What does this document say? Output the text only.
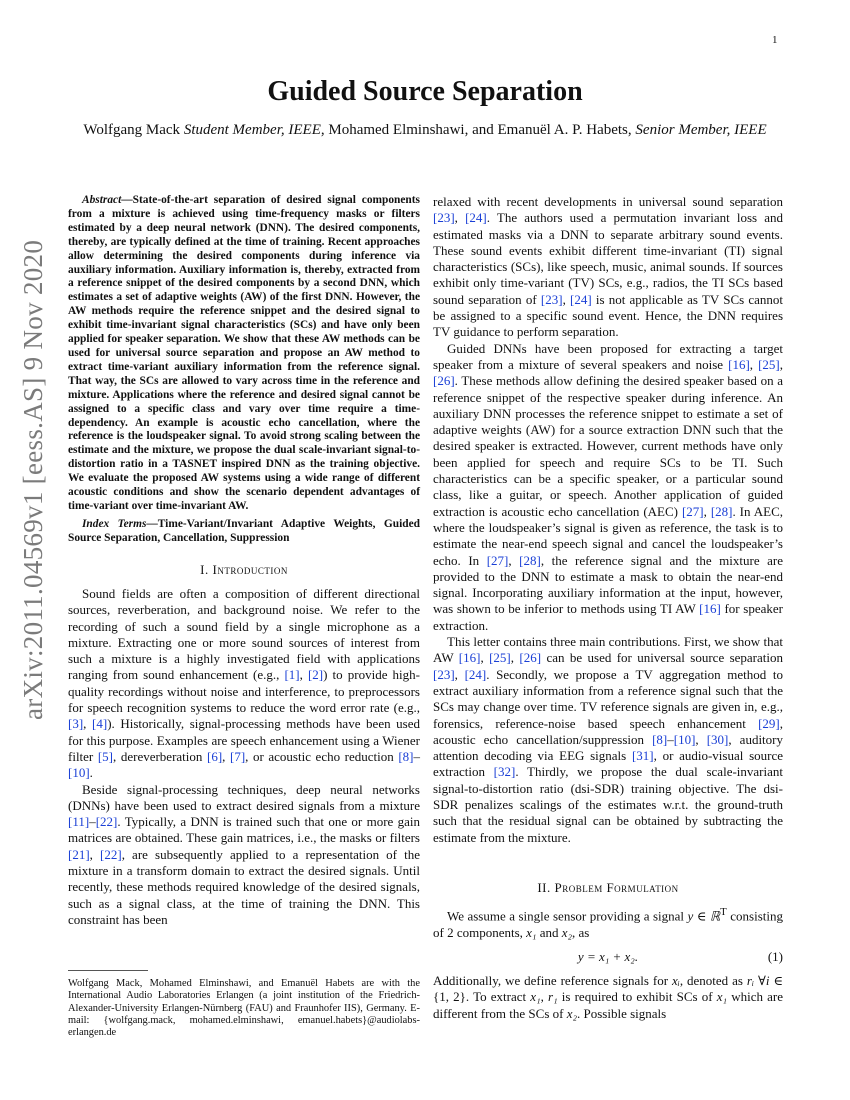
1
arXiv:2011.04569v1 [eess.AS] 9 Nov 2020
Guided Source Separation
Wolfgang Mack Student Member, IEEE, Mohamed Elminshawi, and Emanuël A. P. Habets, Senior Member, IEEE

Abstract—State-of-the-art separation of desired signal components from a mixture is achieved using time-frequency masks or filters estimated by a deep neural network (DNN). The desired components, thereby, are typically defined at the time of training. Recent approaches allow determining the desired components during inference via auxiliary information. Auxiliary information is, thereby, extracted from a reference snippet of the desired components by a second DNN, which estimates a set of adaptive weights (AW) of the first DNN. However, the AW methods require the reference snippet and the desired signal to exhibit time-invariant signal characteristics (SCs) and have only been applied for speaker separation. We show that these AW methods can be used for universal source separation and propose an AW method to extract time-variant auxiliary information from the reference signal. That way, the SCs are allowed to vary across time in the reference and mixture. Applications where the reference and desired signal cannot be assigned to a specific class and vary over time require a time-dependency. An example is acoustic echo cancellation, where the reference is the loudspeaker signal. To avoid strong scaling between the estimate and the mixture, we propose the dual scale-invariant signal-to-distortion ratio in a TASNET inspired DNN as the training objective. We evaluate the proposed AW systems using a wide range of different acoustic conditions and show the scenario dependent advantages of time-variant over time-invariant AW.

Index Terms—Time-Variant/Invariant Adaptive Weights, Guided Source Separation, Cancellation, Suppression

I. Introduction

Sound fields are often a composition of different directional sources, reverberation, and background noise. We refer to the recording of such a sound field by a single microphone as a mixture. Extracting one or more sound sources of interest from such a mixture is a highly investigated field with applications ranging from sound enhancement (e.g., [1], [2]) to provide high-quality recordings without noise and interference, to preprocessors for speech recognition systems to reduce the word error rate (e.g., [3], [4]). Historically, signal-processing methods have been used for this purpose. Examples are speech enhancement using a Wiener filter [5], dereverberation [6], [7], or acoustic echo reduction [8]–[10].

Beside signal-processing techniques, deep neural networks (DNNs) have been used to extract desired signals from a mixture [11]–[22]. Typically, a DNN is trained such that one or more gain matrices are obtained. These gain matrices, i.e., the masks or filters [21], [22], are subsequently applied to a representation of the mixture in a transform domain to extract the desired signals. Until recently, these methods required knowledge of the desired signals, such as a signal class, at the time of training the DNN. This constraint has been

Wolfgang Mack, Mohamed Elminshawi, and Emanuël Habets are with the International Audio Laboratories Erlangen (a joint institution of the Friedrich-Alexander-University Erlangen-Nürnberg (FAU) and Fraunhofer IIS), Germany. E-mail: {wolfgang.mack, mohamed.elminshawi, emanuel.habets}@audiolabs-erlangen.de

relaxed with recent developments in universal sound separation [23], [24]. The authors used a permutation invariant loss and estimated masks via a DNN to separate arbitrary sound events. These sound events exhibit different time-invariant (TI) signal characteristics (SCs), like speech, music, animal sounds. If sources exhibit only time-variant (TV) SCs, e.g., radios, the TI SCs based sound separation of [23], [24] is not applicable as TV SCs cannot be assigned to a specific sound event. Hence, the DNN requires TV guidance to perform separation.

Guided DNNs have been proposed for extracting a target speaker from a mixture of several speakers and noise [16], [25], [26]. These methods allow defining the desired speaker based on a reference snippet of the respective speaker during inference. An auxiliary DNN processes the reference snippet to estimate a set of adaptive weights (AW) for a source extraction DNN such that the desired speaker is extracted. However, current methods have only been applied for speech and require SCs to be TI. Such characteristics can be a specific speaker, or a particular sound class, like a guitar, or speech. Another application of guided extraction is acoustic echo cancellation (AEC) [27], [28]. In AEC, where the loudspeaker’s signal is given as reference, the task is to estimate the near-end speech signal and cancel the loudspeaker’s echo. In [27], [28], the reference signal and the mixture are provided to the DNN to estimate a mask to obtain the near-end signal. Incorporating auxiliary information at the input, however, was shown to be inferior to methods using TI AW [16] for speaker extraction.

This letter contains three main contributions. First, we show that AW [16], [25], [26] can be used for universal source separation [23], [24]. Secondly, we propose a TV aggregation method to extract auxiliary information from a reference signal such that the SCs may change over time. TV reference signals are given in, e.g., forensics, reference-noise based speech enhancement [29], acoustic echo cancellation/suppression [8]–[10], [30], auditory attention decoding via EEG signals [31], or audio-visual source extraction [32]. Thirdly, we propose the dual scale-invariant signal-to-distortion ratio (dsi-SDR) training objective. The dsi-SDR penalizes scalings of the estimates w.r.t. the ground-truth such that the residual signal can be obtained by subtracting the estimate from the mixture.

II. Problem Formulation

We assume a single sensor providing a signal y ∈ ℝ$^T$ consisting of 2 components, x₁ and x₂, as

y = x₁ + x₂.	(1)

Additionally, we define reference signals for xᵢ, denoted as rᵢ ∀i ∈ {1, 2}. To extract x₁, r₁ is required to exhibit SCs of x₁ which are different from the SCs of x₂. Possible signals
